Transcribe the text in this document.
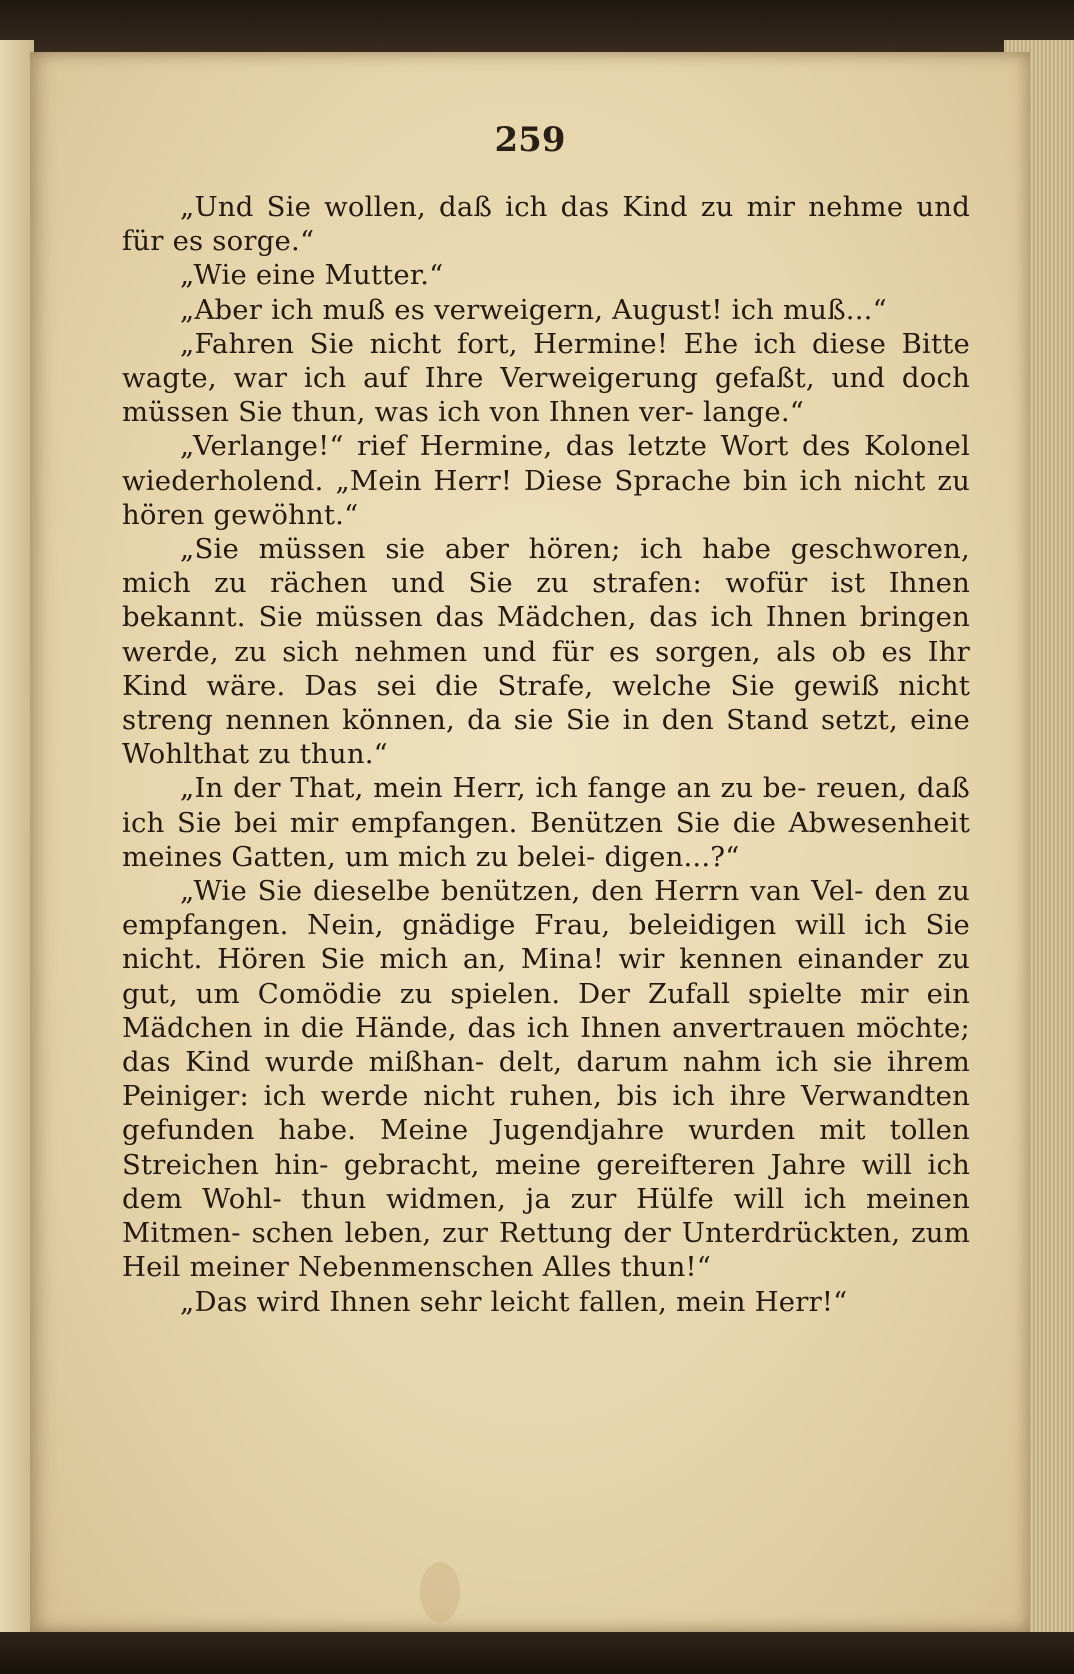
259

„Und Sie wollen, daß ich das Kind zu mir nehme und für es sorge.“

„Wie eine Mutter.“

„Aber ich muß es verweigern, August! ich muß...“

„Fahren Sie nicht fort, Hermine! Ehe ich diese Bitte wagte, war ich auf Ihre Verweigerung gefaßt, und doch müssen Sie thun, was ich von Ihnen ver- lange.“

„Verlange!“ rief Hermine, das letzte Wort des Kolonel wiederholend. „Mein Herr! Diese Sprache bin ich nicht zu hören gewöhnt.“

„Sie müssen sie aber hören; ich habe geschworen, mich zu rächen und Sie zu strafen: wofür ist Ihnen bekannt. Sie müssen das Mädchen, das ich Ihnen bringen werde, zu sich nehmen und für es sorgen, als ob es Ihr Kind wäre. Das sei die Strafe, welche Sie gewiß nicht streng nennen können, da sie Sie in den Stand setzt, eine Wohlthat zu thun.“

„In der That, mein Herr, ich fange an zu be- reuen, daß ich Sie bei mir empfangen. Benützen Sie die Abwesenheit meines Gatten, um mich zu belei- digen...?“

„Wie Sie dieselbe benützen, den Herrn van Vel- den zu empfangen. Nein, gnädige Frau, beleidigen will ich Sie nicht. Hören Sie mich an, Mina! wir kennen einander zu gut, um Comödie zu spielen. Der Zufall spielte mir ein Mädchen in die Hände, das ich Ihnen anvertrauen möchte; das Kind wurde mißhan- delt, darum nahm ich sie ihrem Peiniger: ich werde nicht ruhen, bis ich ihre Verwandten gefunden habe. Meine Jugendjahre wurden mit tollen Streichen hin- gebracht, meine gereifteren Jahre will ich dem Wohl- thun widmen, ja zur Hülfe will ich meinen Mitmen- schen leben, zur Rettung der Unterdrückten, zum Heil meiner Nebenmenschen Alles thun!“

„Das wird Ihnen sehr leicht fallen, mein Herr!“
